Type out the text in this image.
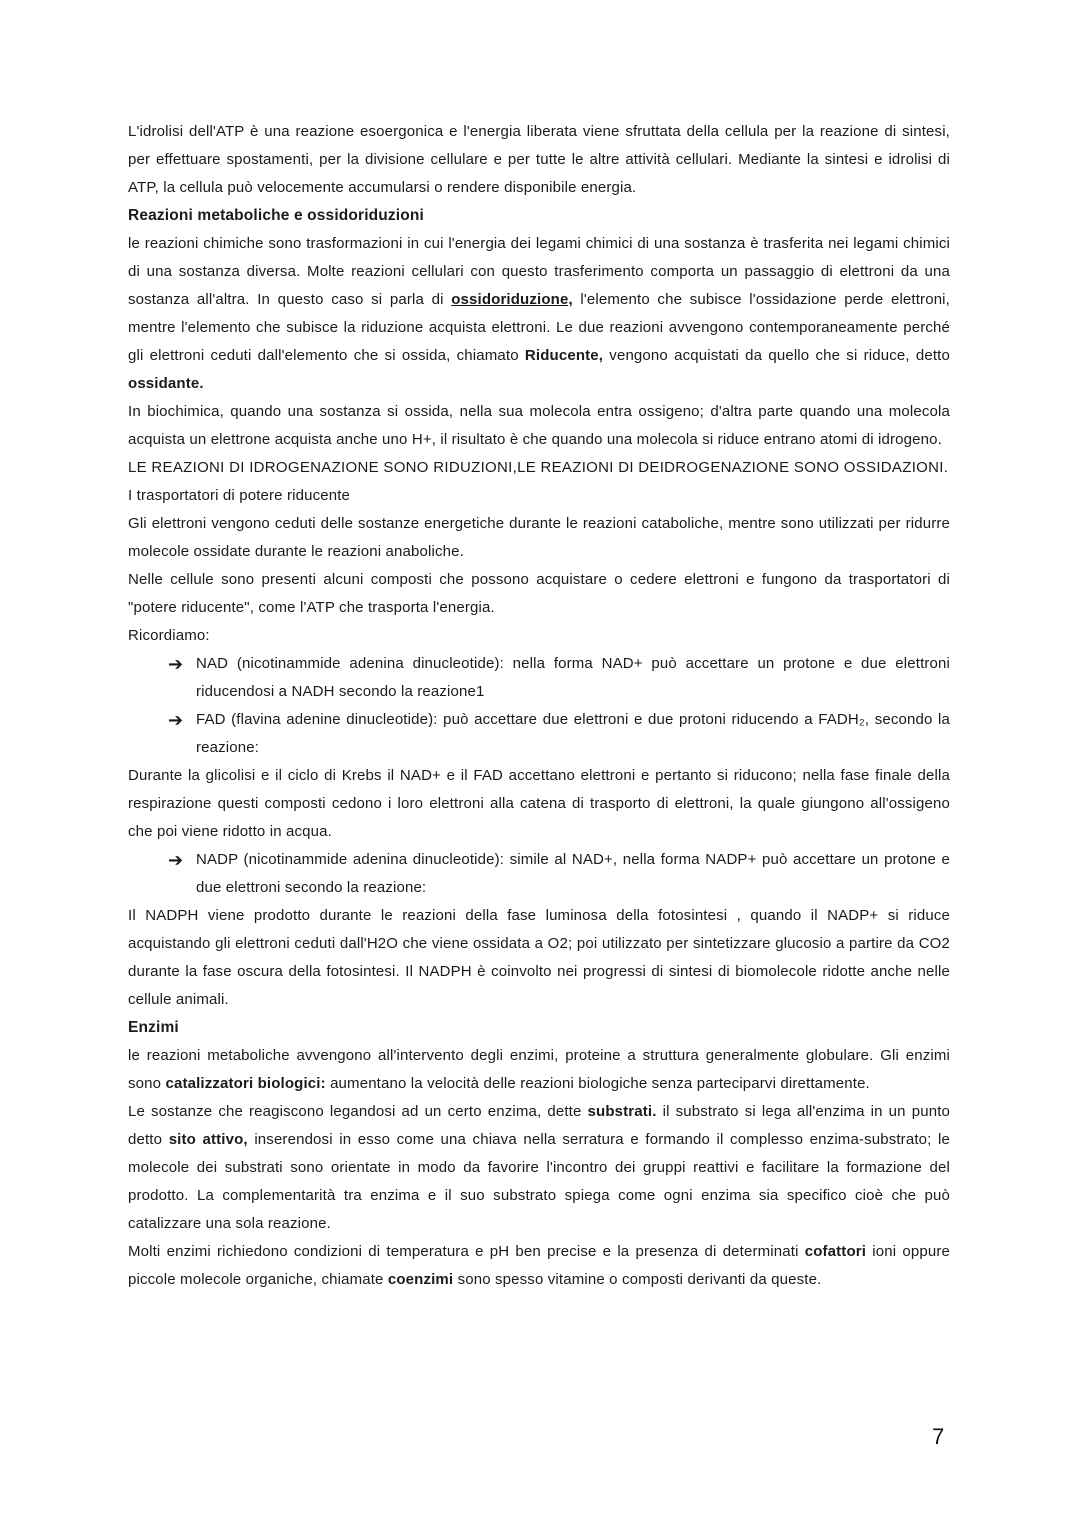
L'idrolisi dell'ATP è una reazione esoergonica e l'energia liberata viene sfruttata della cellula per la reazione di sintesi, per effettuare spostamenti, per la divisione cellulare e per tutte le altre attività cellulari. Mediante la sintesi e idrolisi di ATP, la cellula può velocemente accumularsi o rendere disponibile energia.

Reazioni metaboliche e ossidoriduzioni

le reazioni chimiche sono trasformazioni in cui l'energia dei legami chimici di una sostanza è trasferita nei legami chimici di una sostanza diversa. Molte reazioni cellulari con questo trasferimento comporta un passaggio di elettroni da una sostanza all'altra. In questo caso si parla di ossidoriduzione, l'elemento che subisce l'ossidazione perde elettroni, mentre l'elemento che subisce la riduzione acquista elettroni. Le due reazioni avvengono contemporaneamente perché gli elettroni ceduti dall'elemento che si ossida, chiamato Riducente, vengono acquistati da quello che si riduce, detto ossidante.

In biochimica, quando una sostanza si ossida, nella sua molecola entra ossigeno; d'altra parte quando una molecola acquista un elettrone acquista anche uno H+, il risultato è che quando una molecola si riduce entrano atomi di idrogeno.

LE REAZIONI DI IDROGENAZIONE SONO RIDUZIONI,LE REAZIONI DI DEIDROGENAZIONE SONO OSSIDAZIONI.

I trasportatori di potere riducente

Gli elettroni vengono ceduti delle sostanze energetiche durante le reazioni cataboliche, mentre sono utilizzati per ridurre molecole ossidate durante le reazioni anaboliche.

Nelle cellule sono presenti alcuni composti che possono acquistare o cedere elettroni e fungono da trasportatori di "potere riducente", come l'ATP che trasporta l'energia.

Ricordiamo:

➔ NAD (nicotinammide adenina dinucleotide): nella forma NAD+ può accettare un protone e due elettroni riducendosi a NADH secondo la reazione1
➔ FAD (flavina adenine dinucleotide): può accettare due elettroni e due protoni riducendo a FADH₂, secondo la reazione:

Durante la glicolisi e il ciclo di Krebs il NAD+ e il FAD accettano elettroni e pertanto si riducono; nella fase finale della respirazione questi composti cedono i loro elettroni alla catena di trasporto di elettroni, la quale giungono all'ossigeno che poi viene ridotto in acqua.

➔ NADP (nicotinammide adenina dinucleotide): simile al NAD+, nella forma NADP+ può accettare un protone e due elettroni secondo la reazione:

Il NADPH viene prodotto durante le reazioni della fase luminosa della fotosintesi , quando il NADP+ si riduce acquistando gli elettroni ceduti dall'H2O che viene ossidata a O2; poi utilizzato per sintetizzare glucosio a partire da CO2 durante la fase oscura della fotosintesi. Il NADPH è coinvolto nei progressi di sintesi di biomolecole ridotte anche nelle cellule animali.

Enzimi

le reazioni metaboliche avvengono all'intervento degli enzimi, proteine a struttura generalmente globulare. Gli enzimi sono catalizzatori biologici: aumentano la velocità delle reazioni biologiche senza parteciparvi direttamente.

Le sostanze che reagiscono legandosi ad un certo enzima, dette substrati. il substrato si lega all'enzima in un punto detto sito attivo, inserendosi in esso come una chiava nella serratura e formando il complesso enzima-substrato; le molecole dei substrati sono orientate in modo da favorire l'incontro dei gruppi reattivi e facilitare la formazione del prodotto. La complementarità tra enzima e il suo substrato spiega come ogni enzima sia specifico cioè che può catalizzare una sola reazione.

Molti enzimi richiedono condizioni di temperatura e pH ben precise e la presenza di determinati cofattori ioni oppure piccole molecole organiche, chiamate coenzimi sono spesso vitamine o composti derivanti da queste.

7
